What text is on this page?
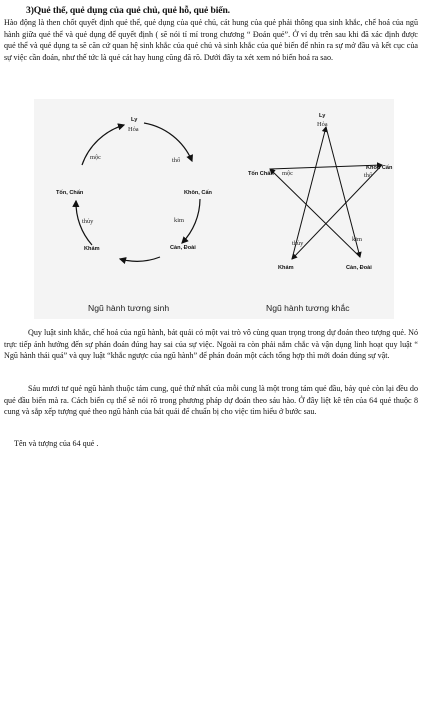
3)Quẻ thể, quẻ dụng của quẻ chủ, quẻ hỗ, quẻ biến.
Hào động là then chốt quyết định quẻ thể, quẻ dụng của quẻ chủ, cát hung của quẻ phải thông qua sinh khắc, chế hoá của ngũ hành giữa quẻ thể và quẻ dụng để quyết định ( sẽ nói tỉ mỉ trong chương “ Đoán quẻ”. Ở ví dụ trên sau khi đã xác định được quẻ thể và quẻ dụng ta sẽ căn cứ quan hệ sinh khắc của quẻ chủ và sinh khắc của quẻ biến để nhìn ra sự mở đầu và kết cục của sự việc cần đoán, như thế tức là quẻ cát hay hung cũng đã rõ. Dưới đây ta xét xem nó biến hoá ra sao.
Ly
Hỏa
Khôn, Cấn
thổ
Càn, Đoài
kim
Khảm
thủy
Tốn, Chấn
mộc
Ly
Hỏa
Khôn Cấn
thổ
Tốn Chấn mộc
Khảm
thủy
Càn, Đoài
kim
Ngũ hành tương sinh	Ngũ hành tương khắc
Quy luật sinh khắc, chế hoá của ngũ hành, bát quái có một vai trò vô cùng quan trọng trong dự đoán theo tượng quẻ. Nó trực tiếp ảnh hưởng đến sự phán đoán đúng hay sai của sự việc. Ngoài ra còn phải nắm chắc và vận dụng linh hoạt quy luật “ Ngũ hành thái quá” và quy luật “khắc ngược của ngũ hành” để phán đoán một cách tổng hợp thì mới đoán đúng sự vật.
Sáu mươi tư quẻ ngũ hành thuộc tám cung, quẻ thứ nhất của mỗi cung là một trong tám quẻ đầu, bảy quẻ còn lại đều do quẻ đầu biến mà ra. Cách biến cụ thể sẽ nói rõ trong phương pháp dự đoán theo sáu hào. Ở đây liệt kê tên của 64 quẻ thuộc 8 cung và sắp xếp tượng quẻ theo ngũ hành của bát quái để chuẩn bị cho việc tìm hiểu ở bước sau.
Tên và tượng của 64 quẻ .
